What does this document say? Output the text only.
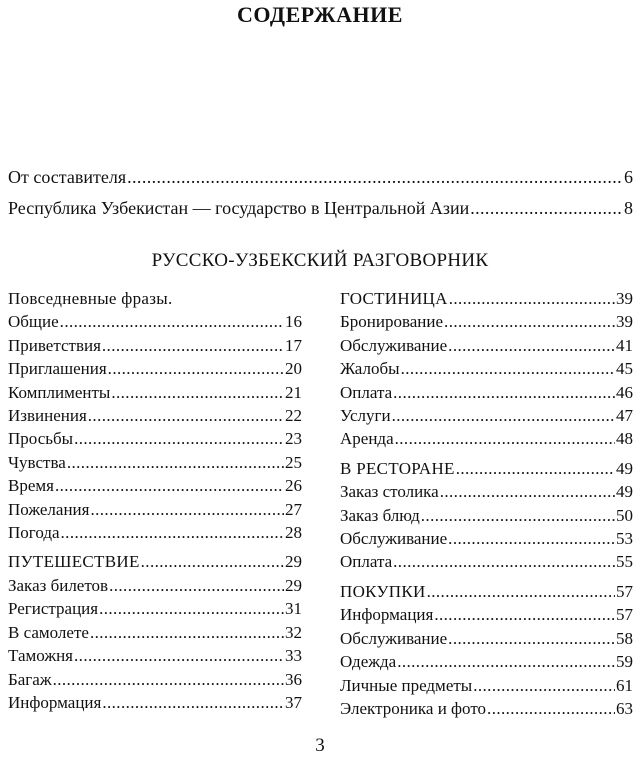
СОДЕРЖАНИЕ
От составителя .....	6
Республика Узбекистан — государство в Центральной Азии .....	8
РУССКО-УЗБЕКСКИЙ РАЗГОВОРНИК
Повседневные фразы.
Общие .....	16
Приветствия .....	17
Приглашения .....	20
Комплименты .....	21
Извинения .....	22
Просьбы .....	23
Чувства .....	25
Время .....	26
Пожелания .....	27
Погода .....	28
ПУТЕШЕСТВИЕ .....	29
Заказ билетов .....	29
Регистрация .....	31
В самолете .....	32
Таможня .....	33
Багаж .....	36
Информация .....	37
ГОСТИНИЦА .....	39
Бронирование .....	39
Обслуживание .....	41
Жалобы .....	45
Оплата .....	46
Услуги .....	47
Аренда .....	48
В РЕСТОРАНЕ .....	49
Заказ столика .....	49
Заказ блюд .....	50
Обслуживание .....	53
Оплата .....	55
ПОКУПКИ .....	57
Информация .....	57
Обслуживание .....	58
Одежда .....	59
Личные предметы .....	61
Электроника и фото .....	63
3
